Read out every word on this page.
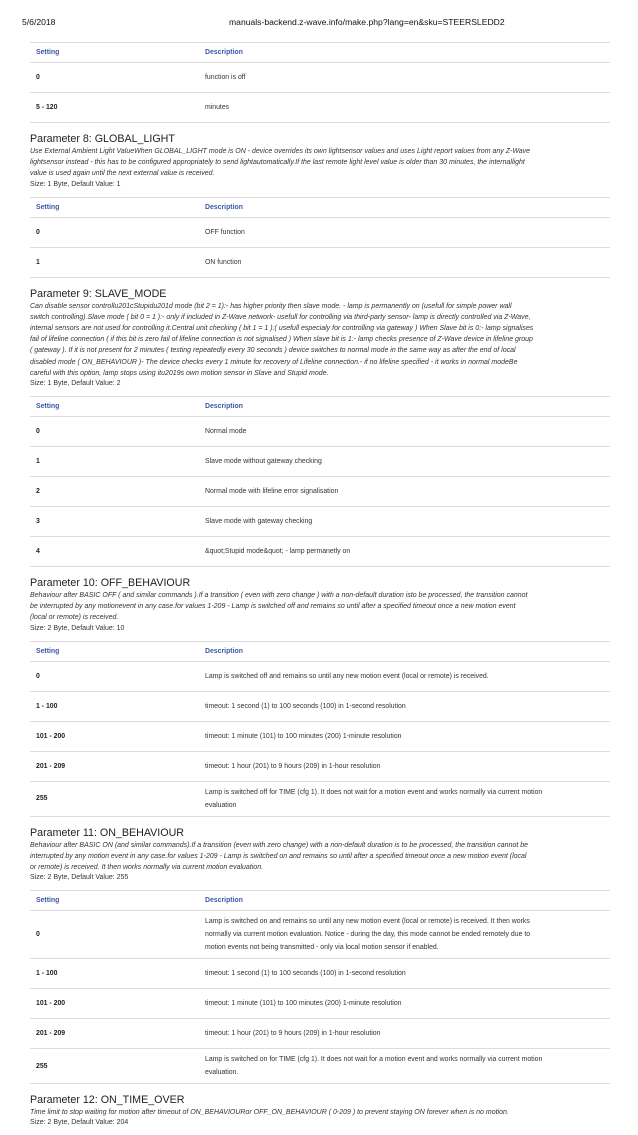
5/6/2018	manuals-backend.z-wave.info/make.php?lang=en&sku=STEERSLEDD2
Setting	Description
0	function is off
5 - 120	minutes
Parameter 8: GLOBAL_LIGHT
Use External Ambient Light ValueWhen GLOBAL_LIGHT mode is ON - device overrides its own lightsensor values and uses Light report values from any Z-Wave
lightsensor instead - this has to be configured appropriately to send lightautomatically.If the last remote light level value is older than 30 minutes, the internallight
value is used again until the next external value is received.
Size: 1 Byte, Default Value: 1
Setting	Description
0	OFF function
1	ON function
Parameter 9: SLAVE_MODE
Can disable sensor controllu201cStupidu201d mode (bit 2 = 1):- has higher priority then slave mode. - lamp is permanently on (usefull for simple power wall
switch controlling).Slave mode ( bit 0 = 1 ):- only if included in Z-Wave network- usefull for controlling via third-party sensor- lamp is directly controlled via Z-Wave,
internal sensors are not used for controlling it.Central unit checking ( bit 1 = 1 ):( usefull especialy for controlling via gateway ) When Slave bit is 0:- lamp signalises
fail of lifeline connection ( if this bit is zero fail of lifeline connection is not signalised ) When slave bit is 1:- lamp checks presence of Z-Wave device in lifeline group
( gateway ). If it is not present for 2 minutes ( testing repeatedly every 30 seconds ) device switches to normal mode in the same way as after the end of local
disabled mode ( ON_BEHAVIOUR )- The device checks every 1 minute for recovery of Lifeline connection.- if no lifeline specified - it works in normal modeBe
careful with this option, lamp stops using itu2019s own motion sensor in Slave and Stupid mode.
Size: 1 Byte, Default Value: 2
Setting	Description
0	Normal mode
1	Slave mode without gateway checking
2	Normal mode with lifeline error signalisation
3	Slave mode with gateway checking
4	&quot;Stupid mode&quot; - lamp permanetly on
Parameter 10: OFF_BEHAVIOUR
Behaviour after BASIC OFF ( and similar commands ).If a transition ( even with zero change ) with a non-default duration isto be processed, the transition cannot
be interrupted by any motionevent in any case.for values 1-209 - Lamp is switched off and remains so until after a specified timeout once a new motion event
(local or remote) is received.
Size: 2 Byte, Default Value: 10
Setting	Description
0	Lamp is switched off and remains so until any new motion event (local or remote) is received.
1 - 100	timeout: 1 second (1) to 100 seconds (100) in 1-second resolution
101 - 200	timeout: 1 minute (101) to 100 minutes (200) 1-minute resolution
201 - 209	timeout: 1 hour (201) to 9 hours (209) in 1-hour resolution
255	Lamp is switched off for TIME (cfg 1). It does not wait for a motion event and works normally via current motion
evaluation
Parameter 11: ON_BEHAVIOUR
Behaviour after BASIC ON (and similar commands).If a transition (even with zero change) with a non-default duration is to be processed, the transition cannot be
interrupted by any motion event in any case.for values 1-209 - Lamp is switched on and remains so until after a specified timeout once a new motion event (local
or remote) is received. It then works normally via current motion evaluation.
Size: 2 Byte, Default Value: 255
Setting	Description
0	Lamp is switched on and remains so until any new motion event (local or remote) is received. It then works
normally via current motion evaluation. Notice - during the day, this mode cannot be ended remotely due to
motion events not being transmitted - only via local motion sensor if enabled.

1 - 100	timeout: 1 second (1) to 100 seconds (100) in 1-second resolution
101 - 200	timeout: 1 minute (101) to 100 minutes (200) 1-minute resolution
201 - 209	timeout: 1 hour (201) to 9 hours (209) in 1-hour resolution
255	Lamp is switched on for TIME (cfg 1). It does not wait for a motion event and works normally via current motion
evaluation.
Parameter 12: ON_TIME_OVER
Time limit to stop waiting for motion after timeout of ON_BEHAVIOURor OFF_ON_BEHAVIOUR ( 0-209 ) to prevent staying ON forever when is no motion.
Size: 2 Byte, Default Value: 204
